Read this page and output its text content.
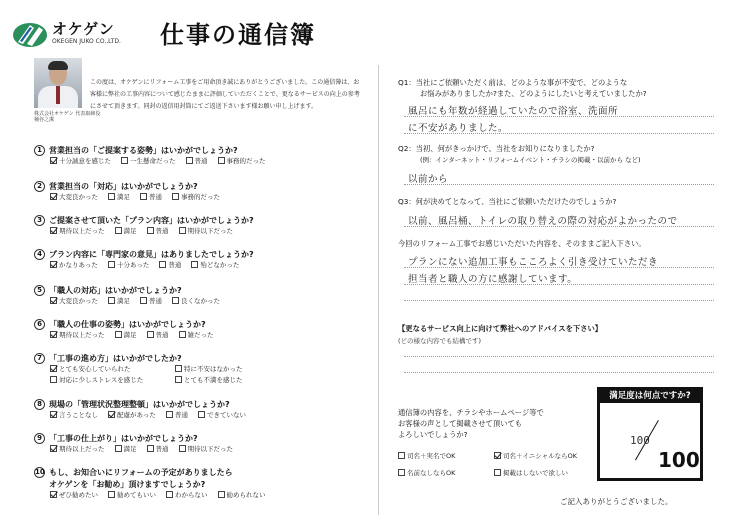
オケゲン
OKEGEN JUKO CO.,LTD. 仕事の通信簿
株式会社オケゲン 代表取締役
桶谷之潔
この度は、オケゲンにリフォーム工事をご用命頂き誠にありがとうございました。この通信簿は、お客様に弊社の工事内容について感じたままに評価していただくことで、更なるサービスの向上の参考にさせて頂きます。同封の返信用封筒にてご返送下さいます様お願い申し上げます。
1 営業担当の「ご提案する姿勢」はいかがでしょうか?
十分誠意を感じた	一生懸命だった	普通	事務的だった
2 営業担当の「対応」はいかがでしょうか?
大変良かった	満足	普通	事務的だった
3 ご提案させて頂いた「プラン内容」はいかがでしょうか?
期待以上だった	満足	普通	期待以下だった
4 プラン内容に「専門家の意見」はありましたでしょうか?
かなりあった	十分あった	普通	殆どなかった
5 「職人の対応」はいかがでしょうか?
大変良かった	満足	普通	良くなかった
6 「職人の仕事の姿勢」はいかがでしょうか?
期待以上だった	満足	普通	雑だった
7 「工事の進め方」はいかがでしたか?
とても安心していられた	特に不安はなかった
対応に少しストレスを感じた	とても不満を感じた
8 現場の「管理状況整理整頓」はいかがでしょうか?
言うことなし	配慮があった	普通	できていない
9 「工事の仕上がり」はいかがでしょうか?
期待以上だった	満足	普通	期待以下だった
10 もし、お知合いにリフォームの予定がありましたら
オケゲンを「お勧め」頂けますでしょうか?
ぜひ勧めたい	勧めてもいい	わからない	勧められない
Q1：当社にご依頼いただく前は、どのような事が不安で、どのような
お悩みがありましたか?また、どのようにしたいと考えていましたか?
風呂にも年数が経過していたので浴室、洗面所
に不安がありました。
Q2：当初、何がきっかけで、当社をお知りになりましたか?
(例：インターネット・リフォームイベント・チラシの掲載・以前から など)
以前から
Q3：何が決めてとなって、当社にご依頼いただけたのでしょうか?
以前、風呂桶、トイレの取り替えの際の対応がよかったので
今回のリフォーム工事でお感じいただいた内容を、そのままご記入下さい。
プランにない追加工事もこころよく引き受けていただき
担当者と職人の方に感謝しています。
【更なるサービス向上に向けて弊社へのアドバイスを下さい】
(どの様な内容でも結構です)
通信簿の内容を、チラシやホームページ等で
お客様の声として掲載させて頂いても
よろしいでしょうか?
司名＋実名でOK	司名＋イニシャルならOK
名前なしならOK	掲載はしないで欲しい
満足度は何点ですか?
100
100
ご記入ありがとうございました。
